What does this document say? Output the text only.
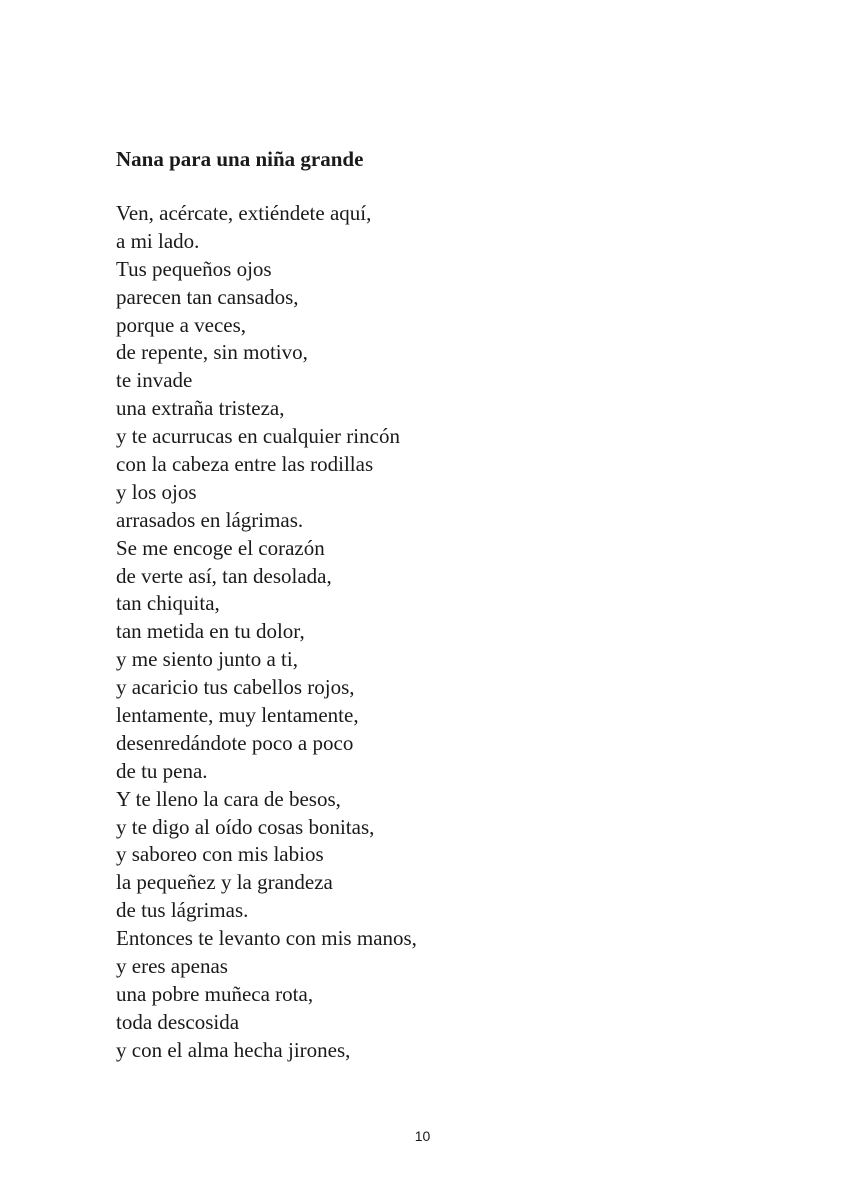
Nana para una niña grande
Ven, acércate, extiéndete aquí,
a mi lado.
Tus pequeños ojos
parecen tan cansados,
porque a veces,
de repente, sin motivo,
te invade
una extraña tristeza,
y te acurrucas en cualquier rincón
con la cabeza entre las rodillas
y los ojos
arrasados en lágrimas.
Se me encoge el corazón
de verte así, tan desolada,
tan chiquita,
tan metida en tu dolor,
y me siento junto a ti,
y acaricio tus cabellos rojos,
lentamente, muy lentamente,
desenredándote poco a poco
de tu pena.
Y te lleno la cara de besos,
y te digo al oído cosas bonitas,
y saboreo con mis labios
la pequeñez y la grandeza
de tus lágrimas.
Entonces te levanto con mis manos,
y eres apenas
una pobre muñeca rota,
toda descosida
y con el alma hecha jirones,
10
